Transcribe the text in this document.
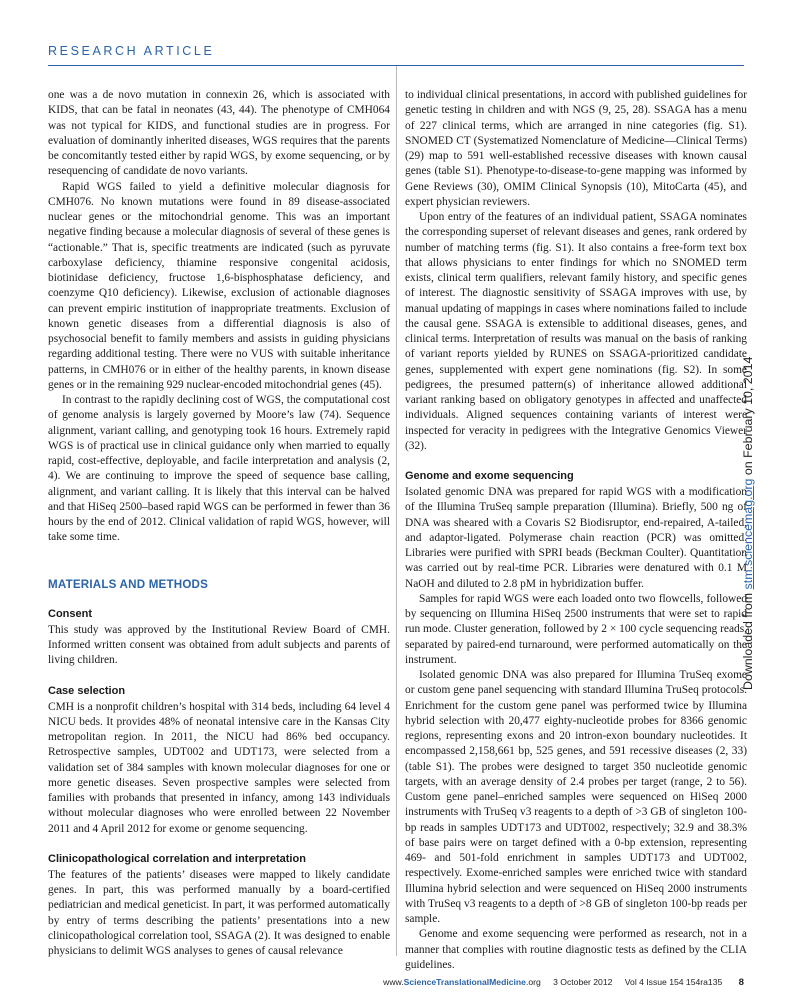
RESEARCH ARTICLE

one was a de novo mutation in connexin 26, which is associated with KIDS, that can be fatal in neonates (43, 44). The phenotype of CMH064 was not typical for KIDS, and functional studies are in progress. For evaluation of dominantly inherited diseases, WGS requires that the parents be concomitantly tested either by rapid WGS, by exome sequencing, or by resequencing of candidate de novo variants.

Rapid WGS failed to yield a definitive molecular diagnosis for CMH076. No known mutations were found in 89 disease-associated nuclear genes or the mitochondrial genome. This was an important negative finding because a molecular diagnosis of several of these genes is “actionable.” That is, specific treatments are indicated (such as pyruvate carboxylase deficiency, thiamine responsive congenital acidosis, biotinidase deficiency, fructose 1,6-bisphosphatase deficiency, and coenzyme Q10 deficiency). Likewise, exclusion of actionable diagnoses can prevent empiric institution of inappropriate treatments. Exclusion of known genetic diseases from a differential diagnosis is also of psychosocial benefit to family members and assists in guiding physicians regarding additional testing. There were no VUS with suitable inheritance patterns, in CMH076 or in either of the healthy parents, in known disease genes or in the remaining 929 nuclear-encoded mitochondrial genes (45).

In contrast to the rapidly declining cost of WGS, the computational cost of genome analysis is largely governed by Moore’s law (74). Sequence alignment, variant calling, and genotyping took 16 hours. Extremely rapid WGS is of practical use in clinical guidance only when married to equally rapid, cost-effective, deployable, and facile interpretation and analysis (2, 4). We are continuing to improve the speed of sequence base calling, alignment, and variant calling. It is likely that this interval can be halved and that HiSeq 2500–based rapid WGS can be performed in fewer than 36 hours by the end of 2012. Clinical validation of rapid WGS, however, will take some time.

MATERIALS AND METHODS
Consent

This study was approved by the Institutional Review Board of CMH. Informed written consent was obtained from adult subjects and parents of living children.

Case selection

CMH is a nonprofit children’s hospital with 314 beds, including 64 level 4 NICU beds. It provides 48% of neonatal intensive care in the Kansas City metropolitan region. In 2011, the NICU had 86% bed occupancy. Retrospective samples, UDT002 and UDT173, were selected from a validation set of 384 samples with known molecular diagnoses for one or more genetic diseases. Seven prospective samples were selected from families with probands that presented in infancy, among 143 individuals without molecular diagnoses who were enrolled between 22 November 2011 and 4 April 2012 for exome or genome sequencing.

Clinicopathological correlation and interpretation

The features of the patients’ diseases were mapped to likely candidate genes. In part, this was performed manually by a board-certified pediatrician and medical geneticist. In part, it was performed automatically by entry of terms describing the patients’ presentations into a new clinicopathological correlation tool, SSAGA (2). It was designed to enable physicians to delimit WGS analyses to genes of causal relevance

to individual clinical presentations, in accord with published guidelines for genetic testing in children and with NGS (9, 25, 28). SSAGA has a menu of 227 clinical terms, which are arranged in nine categories (fig. S1). SNOMED CT (Systematized Nomenclature of Medicine—Clinical Terms) (29) map to 591 well-established recessive diseases with known causal genes (table S1). Phenotype-to-disease-to-gene mapping was informed by Gene Reviews (30), OMIM Clinical Synopsis (10), MitoCarta (45), and expert physician reviewers.

Upon entry of the features of an individual patient, SSAGA nominates the corresponding superset of relevant diseases and genes, rank ordered by number of matching terms (fig. S1). It also contains a free-form text box that allows physicians to enter findings for which no SNOMED term exists, clinical term qualifiers, relevant family history, and specific genes of interest. The diagnostic sensitivity of SSAGA improves with use, by manual updating of mappings in cases where nominations failed to include the causal gene. SSAGA is extensible to additional diseases, genes, and clinical terms. Interpretation of results was manual on the basis of ranking of variant reports yielded by RUNES on SSAGA-prioritized candidate genes, supplemented with expert gene nominations (fig. S2). In some pedigrees, the presumed pattern(s) of inheritance allowed additional variant ranking based on obligatory genotypes in affected and unaffected individuals. Aligned sequences containing variants of interest were inspected for veracity in pedigrees with the Integrative Genomics Viewer (32).

Genome and exome sequencing

Isolated genomic DNA was prepared for rapid WGS with a modification of the Illumina TruSeq sample preparation (Illumina). Briefly, 500 ng of DNA was sheared with a Covaris S2 Biodisruptor, end-repaired, A-tailed, and adaptor-ligated. Polymerase chain reaction (PCR) was omitted. Libraries were purified with SPRI beads (Beckman Coulter). Quantitation was carried out by real-time PCR. Libraries were denatured with 0.1 M NaOH and diluted to 2.8 pM in hybridization buffer.

Samples for rapid WGS were each loaded onto two flowcells, followed by sequencing on Illumina HiSeq 2500 instruments that were set to rapid run mode. Cluster generation, followed by 2 × 100 cycle sequencing reads, separated by paired-end turnaround, were performed automatically on the instrument.

Isolated genomic DNA was also prepared for Illumina TruSeq exome or custom gene panel sequencing with standard Illumina TruSeq protocols. Enrichment for the custom gene panel was performed twice by Illumina hybrid selection with 20,477 eighty-nucleotide probes for 8366 genomic regions, representing exons and 20 intron-exon boundary nucleotides. It encompassed 2,158,661 bp, 525 genes, and 591 recessive diseases (2, 33) (table S1). The probes were designed to target 350 nucleotide genomic targets, with an average density of 2.4 probes per target (range, 2 to 56). Custom gene panel–enriched samples were sequenced on HiSeq 2000 instruments with TruSeq v3 reagents to a depth of >3 GB of singleton 100-bp reads in samples UDT173 and UDT002, respectively; 32.9 and 38.3% of base pairs were on target defined with a 0-bp extension, representing 469- and 501-fold enrichment in samples UDT173 and UDT002, respectively. Exome-enriched samples were enriched twice with standard Illumina hybrid selection and were sequenced on HiSeq 2000 instruments with TruSeq v3 reagents to a depth of >8 GB of singleton 100-bp reads per sample.

Genome and exome sequencing were performed as research, not in a manner that complies with routine diagnostic tests as defined by the CLIA guidelines.

Downloaded from stm.sciencemag.org on February 10, 2014
www.ScienceTranslationalMedicine.org 3 October 2012 Vol 4 Issue 154 154ra135 8
